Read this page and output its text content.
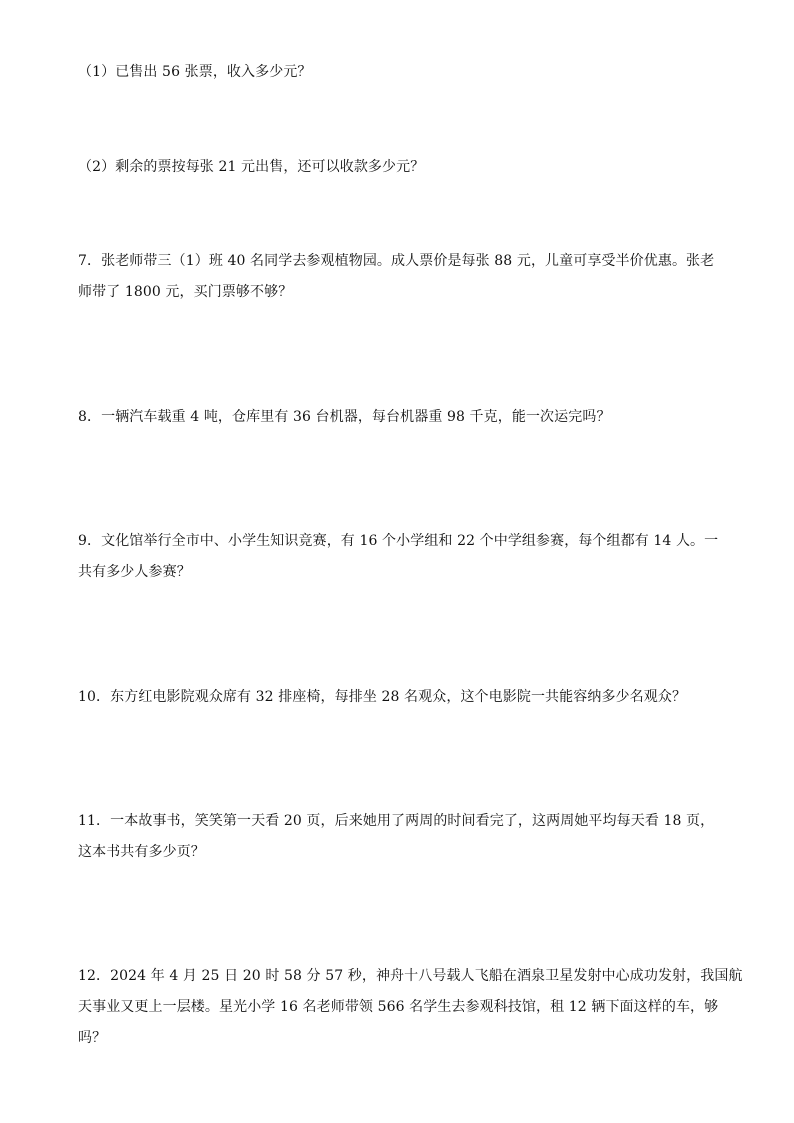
（1）已售出 56 张票，收入多少元？
（2）剩余的票按每张 21 元出售，还可以收款多少元？
7．张老师带三（1）班 40 名同学去参观植物园。成人票价是每张 88 元，儿童可享受半价优惠。张老
师带了 1800 元，买门票够不够？
8．一辆汽车载重 4 吨，仓库里有 36 台机器，每台机器重 98 千克，能一次运完吗？
9．文化馆举行全市中、小学生知识竞赛，有 16 个小学组和 22 个中学组参赛，每个组都有 14 人。一
共有多少人参赛？
10．东方红电影院观众席有 32 排座椅，每排坐 28 名观众，这个电影院一共能容纳多少名观众？
11．一本故事书，笑笑第一天看 20 页，后来她用了两周的时间看完了，这两周她平均每天看 18 页，
这本书共有多少页？
12．2024 年 4 月 25 日 20 时 58 分 57 秒，神舟十八号载人飞船在酒泉卫星发射中心成功发射，我国航
天事业又更上一层楼。星光小学 16 名老师带领 566 名学生去参观科技馆，租 12 辆下面这样的车，够
吗？
